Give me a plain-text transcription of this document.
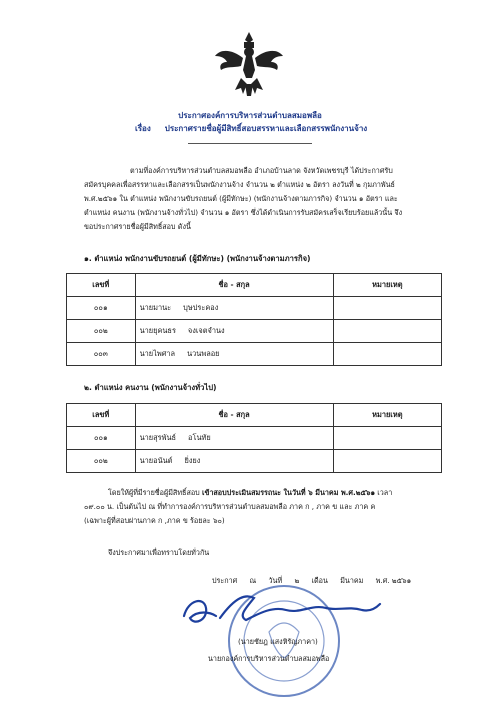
ประกาศองค์การบริหารส่วนตำบลสมอพลือ
เรื่อง ประกาศรายชื่อผู้มีสิทธิ์สอบสรรหาและเลือกสรรพนักงานจ้าง
ตามที่องค์การบริหารส่วนตำบลสมอพลือ อำเภอบ้านลาด จังหวัดเพชรบุรี ได้ประกาศรับ
สมัครบุคคลเพื่อสรรหาและเลือกสรรเป็นพนักงานจ้าง จำนวน ๒ ตำแหน่ง ๒ อัตรา ลงวันที่ ๒ กุมภาพันธ์
พ.ศ.๒๕๖๑ ใน ตำแหน่ง พนักงานขับรถยนต์ (ผู้มีทักษะ) (พนักงานจ้างตามภารกิจ) จำนวน ๑ อัตรา และ
ตำแหน่ง คนงาน (พนักงานจ้างทั่วไป) จำนวน ๑ อัตรา ซึ่งได้ดำเนินการรับสมัครเสร็จเรียบร้อยแล้วนั้น จึง
ขอประกาศรายชื่อผู้มีสิทธิ์สอบ ดังนี้
๑. ตำแหน่ง พนักงานขับรถยนต์ (ผู้มีทักษะ) (พนักงานจ้างตามภารกิจ)
เลขที่	ชื่อ - สกุล	หมายเหตุ
๐๐๑	นายมานะ บุษประคอง	
๐๐๒	นายยุคนธร จงเจตจำนง	
๐๐๓	นายไพศาล นวนพลอย	
๒. ตำแหน่ง คนงาน (พนักงานจ้างทั่วไป)
เลขที่	ชื่อ - สกุล	หมายเหตุ
๐๐๑	นายสุรพันธ์ อโนทัย	
๐๐๒	นายอนันต์ ยิ่งยง	
โดยให้ผู้ที่มีรายชื่อผู้มีสิทธิ์สอบ เข้าสอบประเมินสมรรถนะ ในวันที่ ๖ มีนาคม พ.ศ.๒๕๖๑ เวลา
๐๙.๐๐ น. เป็นต้นไป ณ ที่ทำการองค์การบริหารส่วนตำบลสมอพลือ ภาค ก , ภาค ข และ ภาค ค
(เฉพาะผู้ที่สอบผ่านภาค ก ,ภาค ข ร้อยละ ๖๐)
จึงประกาศมาเพื่อทราบโดยทั่วกัน
ประกาศ ณ วันที่ ๒ เดือน มีนาคม พ.ศ. ๒๕๖๑
(นายชัยฎ แสงหิรัญภาคา)
นายกองค์การบริหารส่วนตำบลสมอพลือ
